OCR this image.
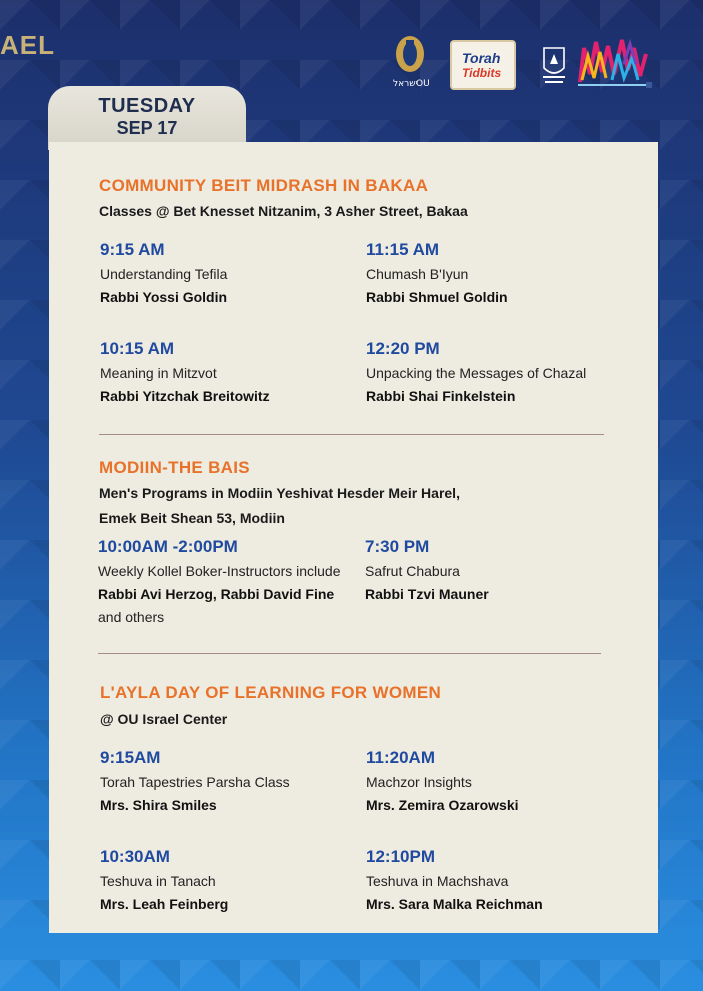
AEL
ישראל
OU
Torah
Tidbits
TUESDAY
SEP 17
COMMUNITY BEIT MIDRASH IN BAKAA
Classes @ Bet Knesset Nitzanim, 3 Asher Street, Bakaa
9:15 AM
Understanding Tefila
Rabbi Yossi Goldin
11:15 AM
Chumash B'Iyun
Rabbi Shmuel Goldin
10:15 AM
Meaning in Mitzvot
Rabbi Yitzchak Breitowitz
12:20 PM
Unpacking the Messages of Chazal
Rabbi Shai Finkelstein
MODIIN-THE BAIS
Men's Programs in Modiin Yeshivat Hesder Meir Harel,
Emek Beit Shean 53, Modiin
10:00AM -2:00PM
Weekly Kollel Boker-Instructors include
Rabbi Avi Herzog, Rabbi David Fine
and others
7:30 PM
Safrut Chabura
Rabbi Tzvi Mauner
L'AYLA DAY OF LEARNING FOR WOMEN
@ OU Israel Center
9:15AM
Torah Tapestries Parsha Class
Mrs. Shira Smiles
11:20AM
Machzor Insights
Mrs. Zemira Ozarowski
10:30AM
Teshuva in Tanach
Mrs. Leah Feinberg
12:10PM
Teshuva in Machshava
Mrs. Sara Malka Reichman
